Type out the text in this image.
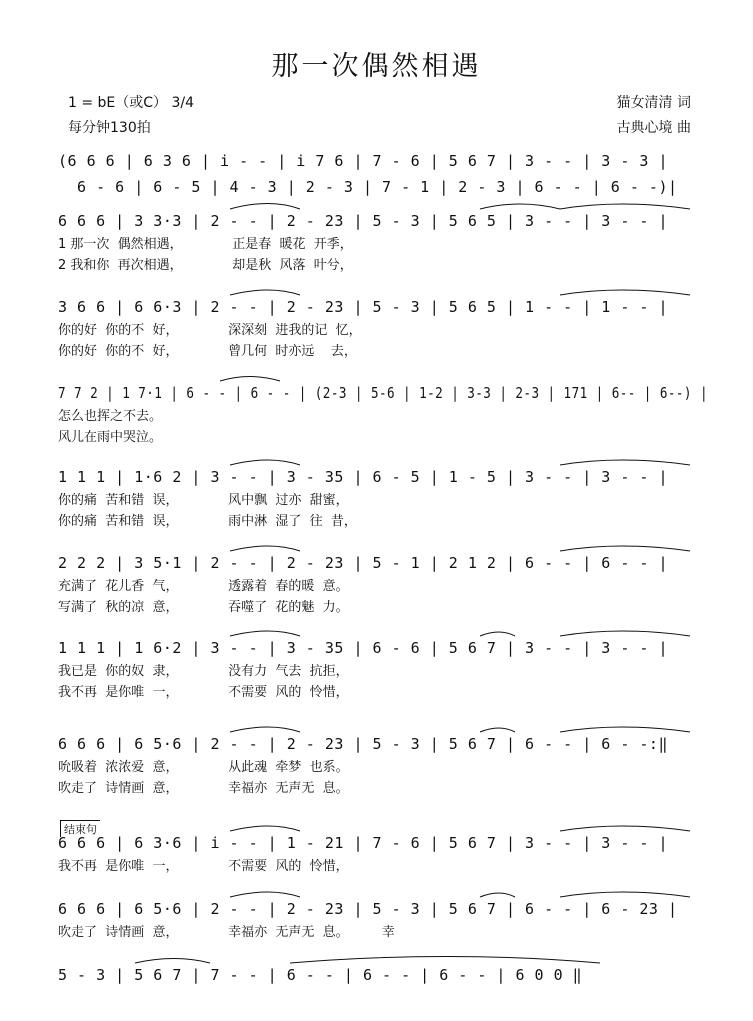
那一次偶然相遇
1 = bE（或C） 3/4
每分钟130拍
猫女清清 词
古典心境 曲
(6 6 6 | 6 3 6 | i - - | i 7 6 | 7 - 6 | 5 6 7 | 3 - - | 3 - 3 |
6 - 6 | 6 - 5 | 4 - 3 | 2 - 3 | 7 - 1 | 2 - 3 | 6 - - | 6 - -)|
6 6 6 | 3 3·3 | 2 - - | 2 - 23 | 5 - 3 | 5 6 5 | 3 - - | 3 - - |
1 那一次  偶然相遇，            正是春  暖花  开季，
2 我和你  再次相遇，            却是秋  风落  叶兮，
3 6 6 | 6 6·3 | 2 - - | 2 - 23 | 5 - 3 | 5 6 5 | 1 - - | 1 - - |
你的好  你的不  好，            深深刻  进我的记  忆，
你的好  你的不  好，            曾几何  时亦远    去，
7 7 2 | 1 7·1 | 6 - - | 6 - - | (2-3 | 5-6 | 1-2 | 3-3 | 2-3 | 171 | 6-- | 6--) |
怎么也挥之不去。
风儿在雨中哭泣。
1 1 1 | 1·6 2 | 3 - - | 3 - 35 | 6 - 5 | 1 - 5 | 3 - - | 3 - - |
你的痛  苦和错  误，            风中飘  过亦  甜蜜，
你的痛  苦和错  误，            雨中淋  湿了  往  昔，
2 2 2 | 3 5·1 | 2 - - | 2 - 23 | 5 - 1 | 2 1 2 | 6 - - | 6 - - |
充满了  花儿香  气，            透露着  春的暖  意。
写满了  秋的凉  意，            吞噬了  花的魅  力。
1 1 1 | 1 6·2 | 3 - - | 3 - 35 | 6 - 6 | 5 6 7 | 3 - - | 3 - - |
我已是  你的奴  隶，            没有力  气去  抗拒，
我不再  是你唯  一，            不需要  风的  怜惜，
6 6 6 | 6 5·6 | 2 - - | 2 - 23 | 5 - 3 | 5 6 7 | 6 - - | 6 - -:‖
吮吸着  浓浓爱  意，            从此魂  牵梦  也系。
吹走了  诗情画  意，            幸福亦  无声无  息。
6 6 6 | 6 3·6 | i - - | 1 - 21 | 7 - 6 | 5 6 7 | 3 - - | 3 - - |
我不再  是你唯  一，            不需要  风的  怜惜，
6 6 6 | 6 5·6 | 2 - - | 2 - 23 | 5 - 3 | 5 6 7 | 6 - - | 6 - 23 |
吹走了  诗情画  意，            幸福亦  无声无  息。        幸
5 - 3 | 5 6 7 | 7 - - | 6 - - | 6 - - | 6 - - | 6 0 0 ‖
结束句
